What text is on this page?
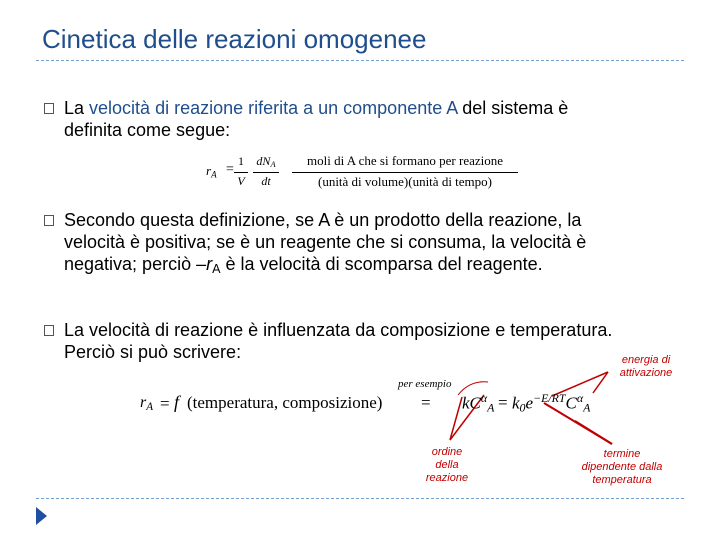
Cinetica delle reazioni omogenee
La velocità di reazione riferita a un componente A del sistema è
definita come segue:
$r_A$ =
1
V
$dN_A$
dt
moli di A che si formano per reazione
(unità di volume)(unità di tempo)
Secondo questa definizione, se A è un prodotto della reazione, la
velocità è positiva; se è un reagente che si consuma, la velocità è
negativa; perciò $-r_A$ è la velocità di scomparsa del reagente.
La velocità di reazione è influenzata da composizione e temperatura.
Perciò si può scrivere:
$r_A = f$ (temperatura, composizione)
per esempio
= $kC^\alpha_A = k_0e^{-E/RT}C^\alpha_A$
energia di
attivazione
ordine
della
reazione
termine
dipendente dalla
temperatura
